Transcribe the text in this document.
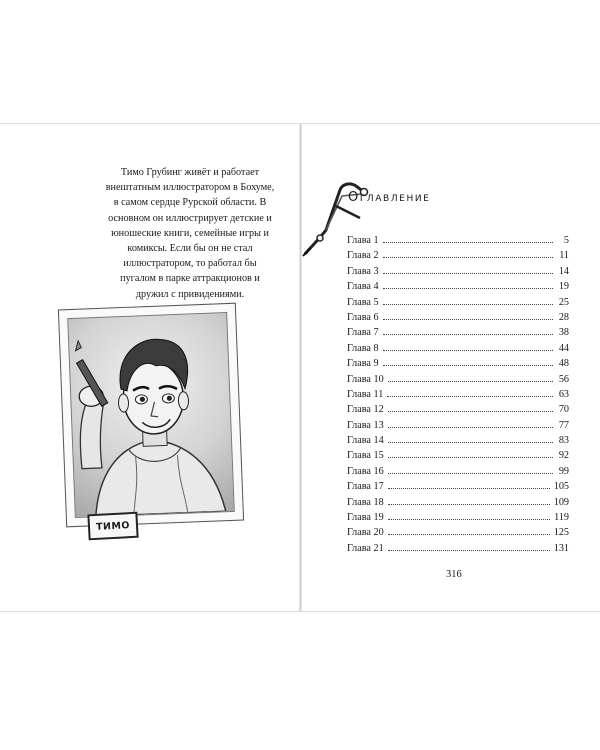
Тимо Грубинг живёт и работает внештатным иллюстратором в Бохуме, в самом сердце Рурской области. В основном он иллюстрирует детские и юношеские книги, семейные игры и комиксы. Если бы он не стал иллюстратором, то работал бы пугалом в парке аттракционов и дружил с привидениями.
ТИМО
Оглавление
Глава 1	5
Глава 2	11
Глава 3	14
Глава 4	19
Глава 5	25
Глава 6	28
Глава 7	38
Глава 8	44
Глава 9	48
Глава 10	56
Глава 11	63
Глава 12	70
Глава 13	77
Глава 14	83
Глава 15	92
Глава 16	99
Глава 17	105
Глава 18	109
Глава 19	119
Глава 20	125
Глава 21	131
316
